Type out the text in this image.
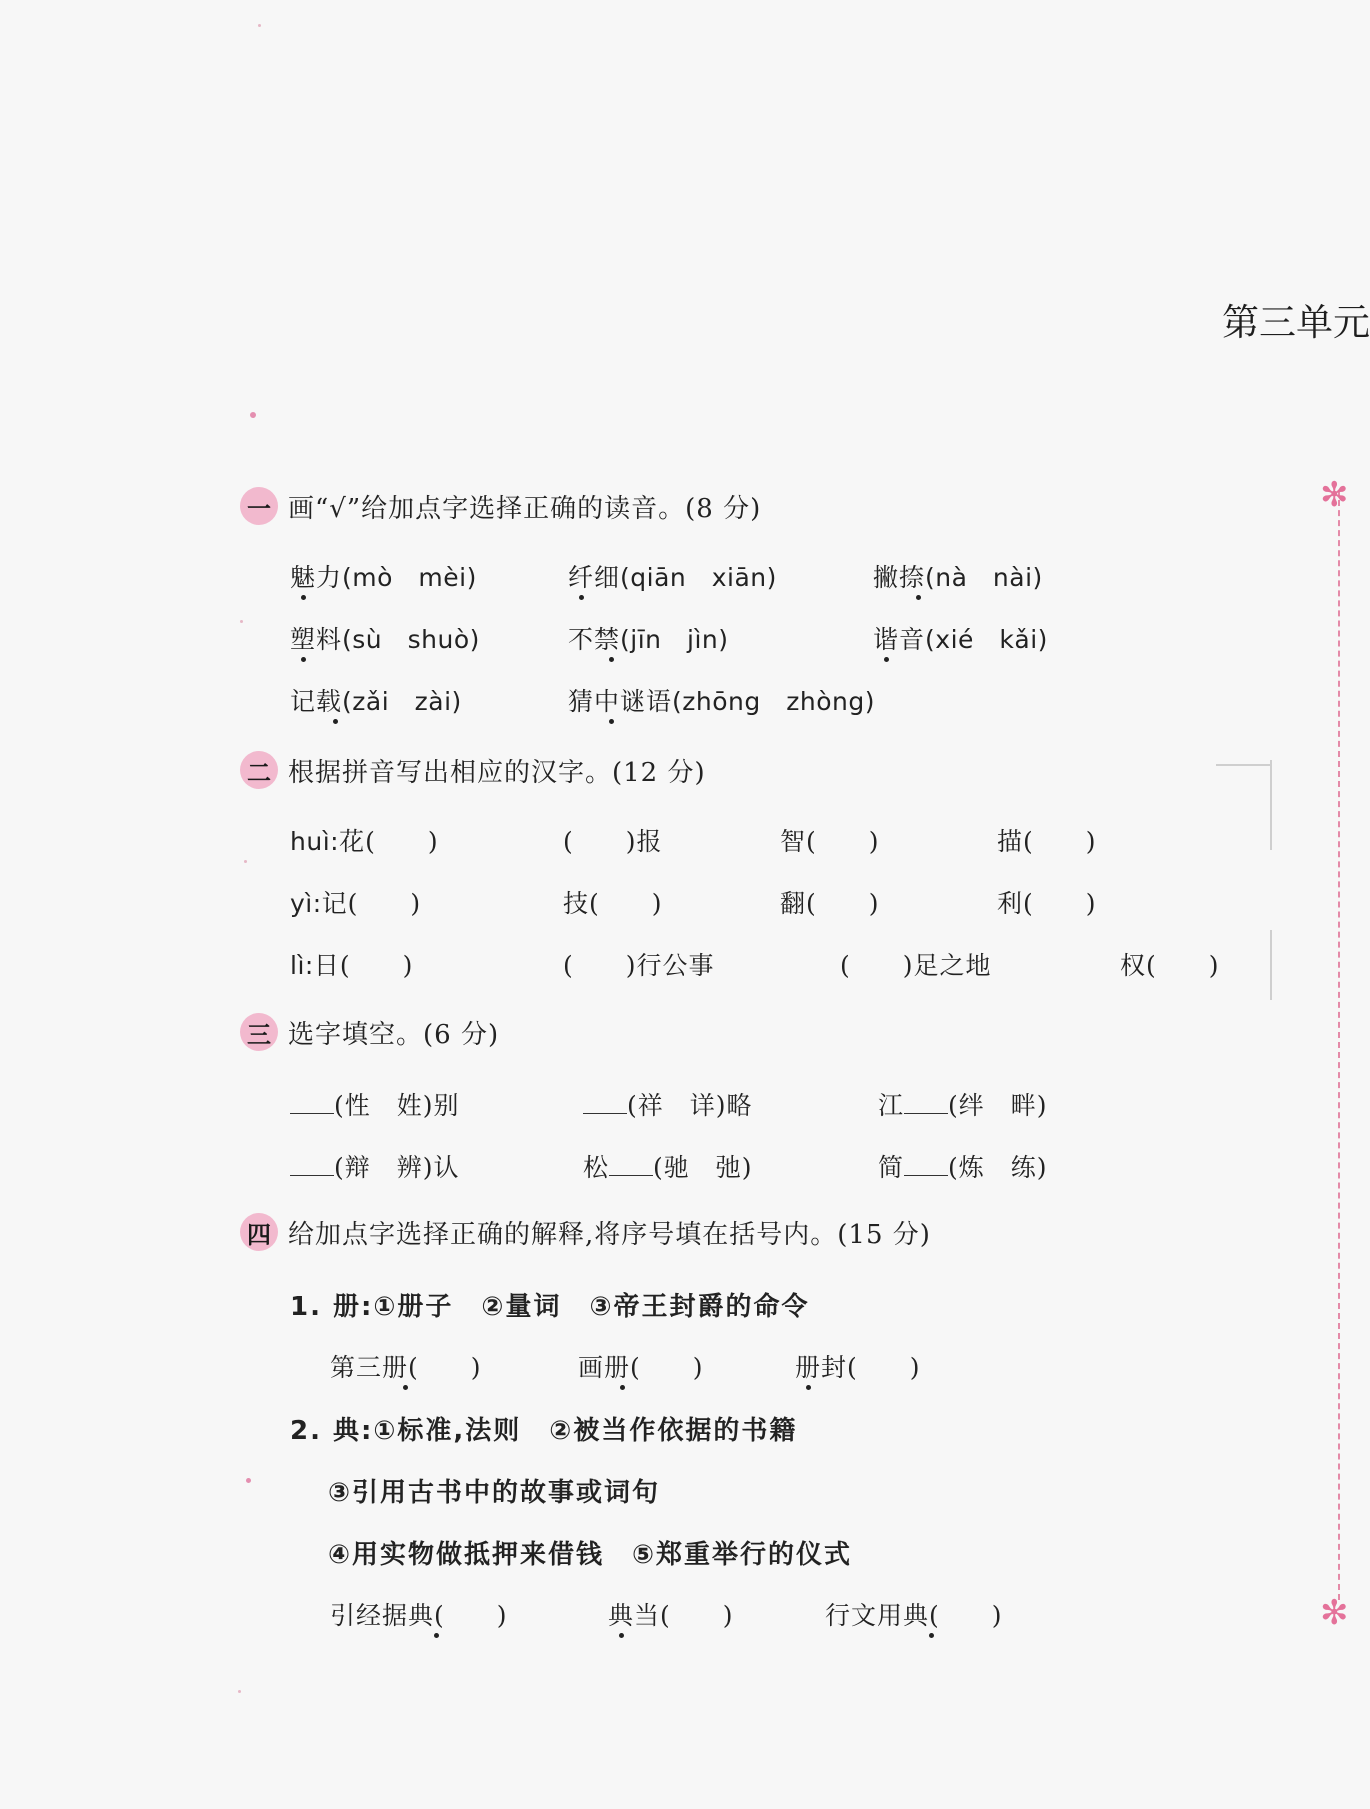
第三单元
✻
✻
一 画“√”给加点字选择正确的读音。(8 分)
魅力(mò　mèi)	纤细(qiān　xiān)	撇捺(nà　nài)
塑料(sù　shuò)	不禁(jīn　jìn)	谐音(xié　kǎi)
记载(zǎi　zài)	猜中谜语(zhōng　zhòng)
二 根据拼音写出相应的汉字。(12 分)
huì:花(　　)	(　　)报	智(　　)	描(　　)
yì:记(　　)	技(　　)	翻(　　)	利(　　)
lì:日(　　)	(　　)行公事	(　　)足之地	权(　　)
三 选字填空。(6 分)
(性　姓)别	(祥　详)略	江 (绊　畔)
(辩　辨)认	松 (驰　弛)	简 (炼　练)
四 给加点字选择正确的解释,将序号填在括号内。(15 分)
1. 册:①册子　②量词　③帝王封爵的命令
第三册(　　)	画册(　　)	册封(　　)
2. 典:①标准,法则　②被当作依据的书籍
③引用古书中的故事或词句
④用实物做抵押来借钱　⑤郑重举行的仪式
引经据典(　　)	典当(　　)	行文用典(　　)
